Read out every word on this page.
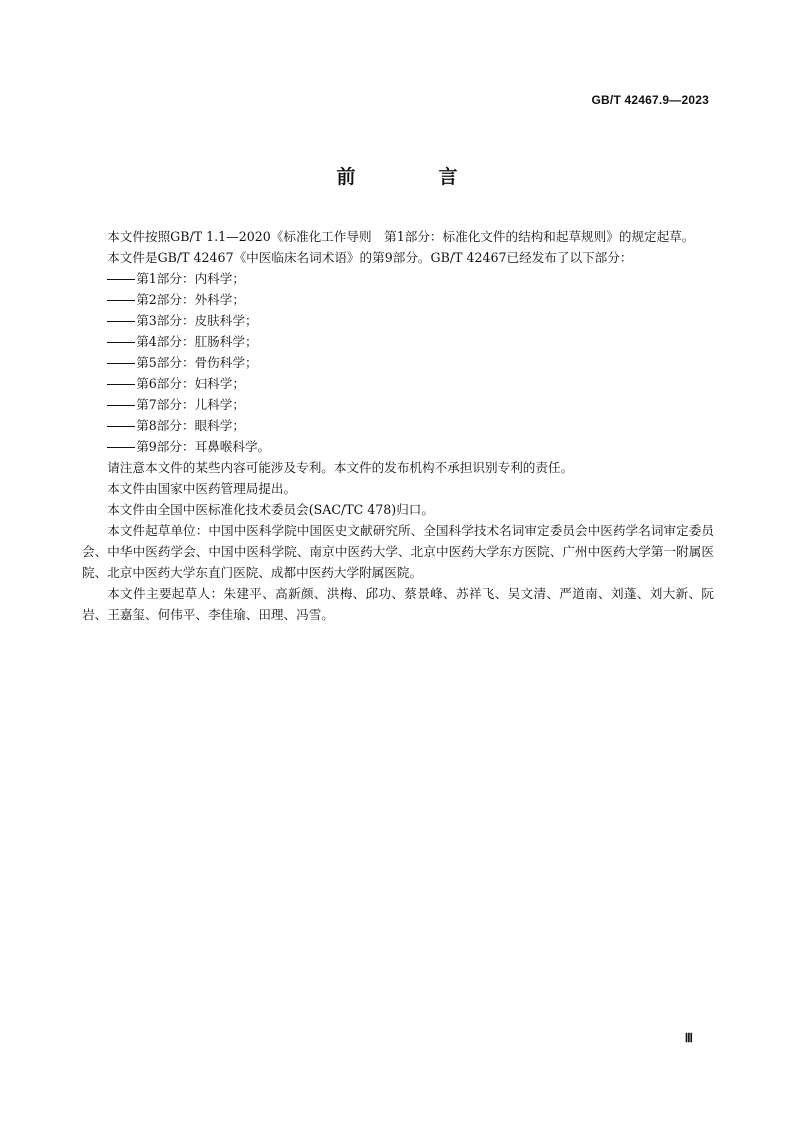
GB/T 42467.9—2023
前　言

本文件按照GB/T 1.1—2020《标准化工作导则　第1部分：标准化文件的结构和起草规则》的规定起草。

本文件是GB/T 42467《中医临床名词术语》的第9部分。GB/T 42467已经发布了以下部分：

第1部分：内科学；

第2部分：外科学；

第3部分：皮肤科学；

第4部分：肛肠科学；

第5部分：骨伤科学；

第6部分：妇科学；

第7部分：儿科学；

第8部分：眼科学；

第9部分：耳鼻喉科学。

请注意本文件的某些内容可能涉及专利。本文件的发布机构不承担识别专利的责任。

本文件由国家中医药管理局提出。

本文件由全国中医标准化技术委员会(SAC/TC 478)归口。

本文件起草单位：中国中医科学院中国医史文献研究所、全国科学技术名词审定委员会中医药学名词审定委员会、中华中医药学会、中国中医科学院、南京中医药大学、北京中医药大学东方医院、广州中医药大学第一附属医院、北京中医药大学东直门医院、成都中医药大学附属医院。

本文件主要起草人：朱建平、高新颜、洪梅、邱功、蔡景峰、苏祥飞、吴文清、严道南、刘蓬、刘大新、阮岩、王嘉玺、何伟平、李佳瑜、田理、冯雪。

Ⅲ
